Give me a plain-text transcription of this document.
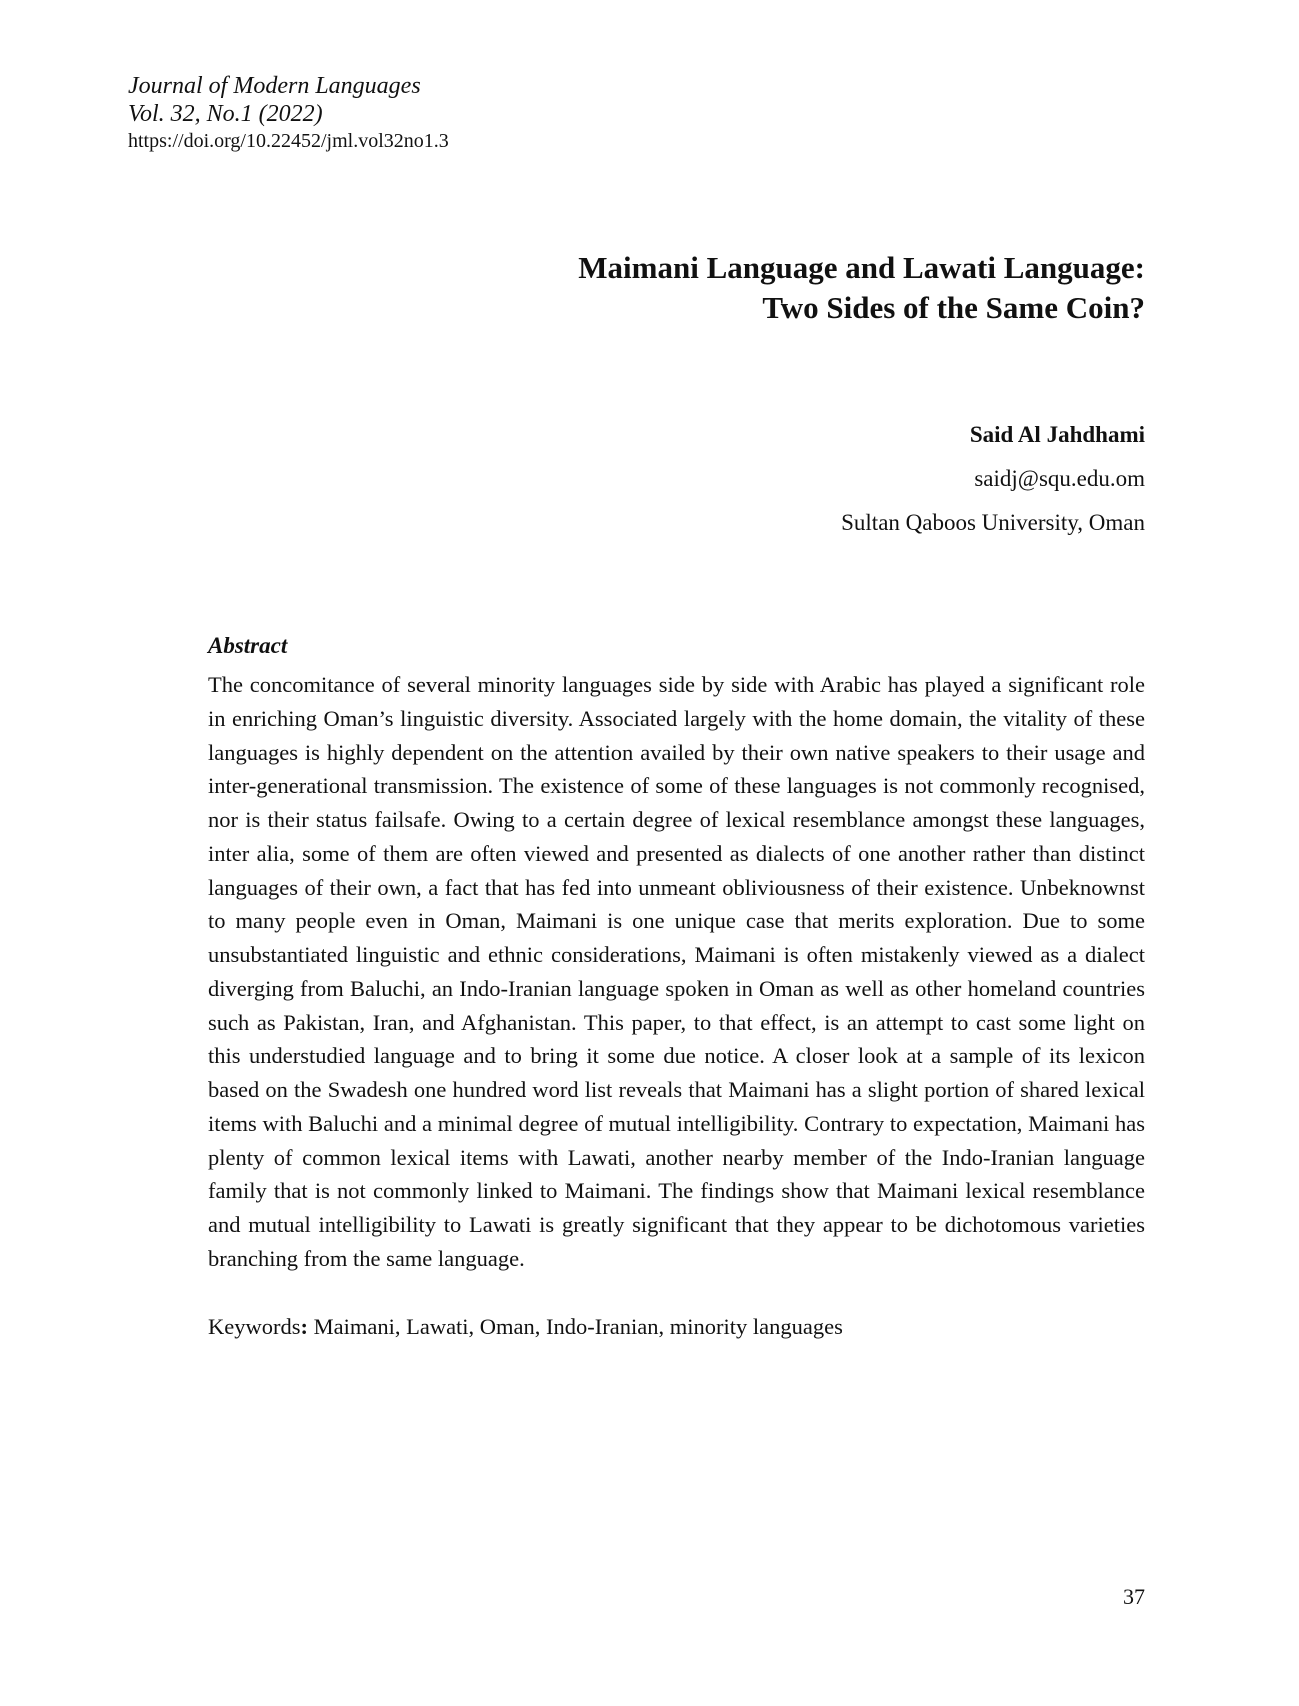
Journal of Modern Languages
Vol. 32, No.1 (2022)
https://doi.org/10.22452/jml.vol32no1.3
Maimani Language and Lawati Language:
Two Sides of the Same Coin?
Said Al Jahdhami
saidj@squ.edu.om
Sultan Qaboos University, Oman
Abstract

The concomitance of several minority languages side by side with Arabic has played a significant role in enriching Oman’s linguistic diversity. Associated largely with the home domain, the vitality of these languages is highly dependent on the attention availed by their own native speakers to their usage and inter-generational transmission. The existence of some of these languages is not commonly recognised, nor is their status failsafe. Owing to a certain degree of lexical resemblance amongst these languages, inter alia, some of them are often viewed and presented as dialects of one another rather than distinct languages of their own, a fact that has fed into unmeant obliviousness of their existence. Unbeknownst to many people even in Oman, Maimani is one unique case that merits exploration. Due to some unsubstantiated linguistic and ethnic considerations, Maimani is often mistakenly viewed as a dialect diverging from Baluchi, an Indo-Iranian language spoken in Oman as well as other homeland countries such as Pakistan, Iran, and Afghanistan. This paper, to that effect, is an attempt to cast some light on this understudied language and to bring it some due notice. A closer look at a sample of its lexicon based on the Swadesh one hundred word list reveals that Maimani has a slight portion of shared lexical items with Baluchi and a minimal degree of mutual intelligibility. Contrary to expectation, Maimani has plenty of common lexical items with Lawati, another nearby member of the Indo-Iranian language family that is not commonly linked to Maimani. The findings show that Maimani lexical resemblance and mutual intelligibility to Lawati is greatly significant that they appear to be dichotomous varieties branching from the same language.

Keywords: Maimani, Lawati, Oman, Indo-Iranian, minority languages
37
